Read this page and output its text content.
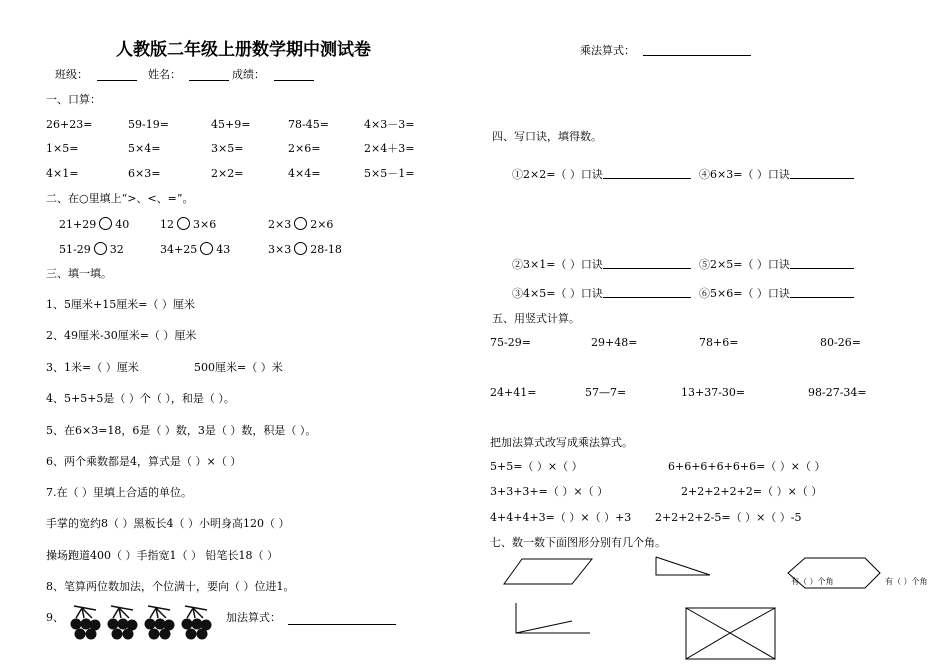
人教版二年级上册数学期中测试卷
班级：	姓名：	成绩：
一、口算：
26+23=	59-19=	45+9=	78-45=	4×3－3=
1×5=	5×4=	3×5=	2×6=	2×4＋3=
4×1=	6×3=	2×2=	4×4=	5×5－1=
二、在○里填上“>、<、=”。
21+29 40	12 3×6	2×3 2×6
51-29 32	34+25 43	3×3 28-18
三、填一填。
1、5厘米+15厘米=（ ）厘米
2、49厘米-30厘米=（ ）厘米
3、1米=（ ）厘米	500厘米=（ ）米
4、5+5+5是（ ）个（ ），和是（ ）。
5、在6×3=18，6是（ ）数，3是（ ）数，积是（ ）。
6、两个乘数都是4，算式是（ ）×（ ）
7.在（ ）里填上合适的单位。
手掌的宽约8（ ）黑板长4（ ）小明身高120（ ）
操场跑道400（ ）手指宽1（ ） 铅笔长18（ ）
8、笔算两位数加法，个位满十，要向（ ）位进1。
9、	加法算式：
乘法算式：
四、写口诀，填得数。
①2×2=（ ）口诀	④6×3=（ ）口诀
②3×1=（ ）口诀	⑤2×5=（ ）口诀
③4×5=（ ）口诀	⑥5×6=（ ）口诀
五、用竖式计算。
75-29=	29+48=	78+6=	80-26=
24+41=	57—7=	13+37-30=	98-27-34=
把加法算式改写成乘法算式。
5+5=（ ）×（ ）	6+6+6+6+6+6=（ ）×（ ）
3+3+3+=（ ）×（ ）	2+2+2+2+2=（ ）×（ ）
4+4+4+3=（ ）×（ ）+3 2+2+2+2-5=（ ）×（ ）-5
七、数一数下面图形分别有几个角。
有（ ）个角	有（ ）个角
